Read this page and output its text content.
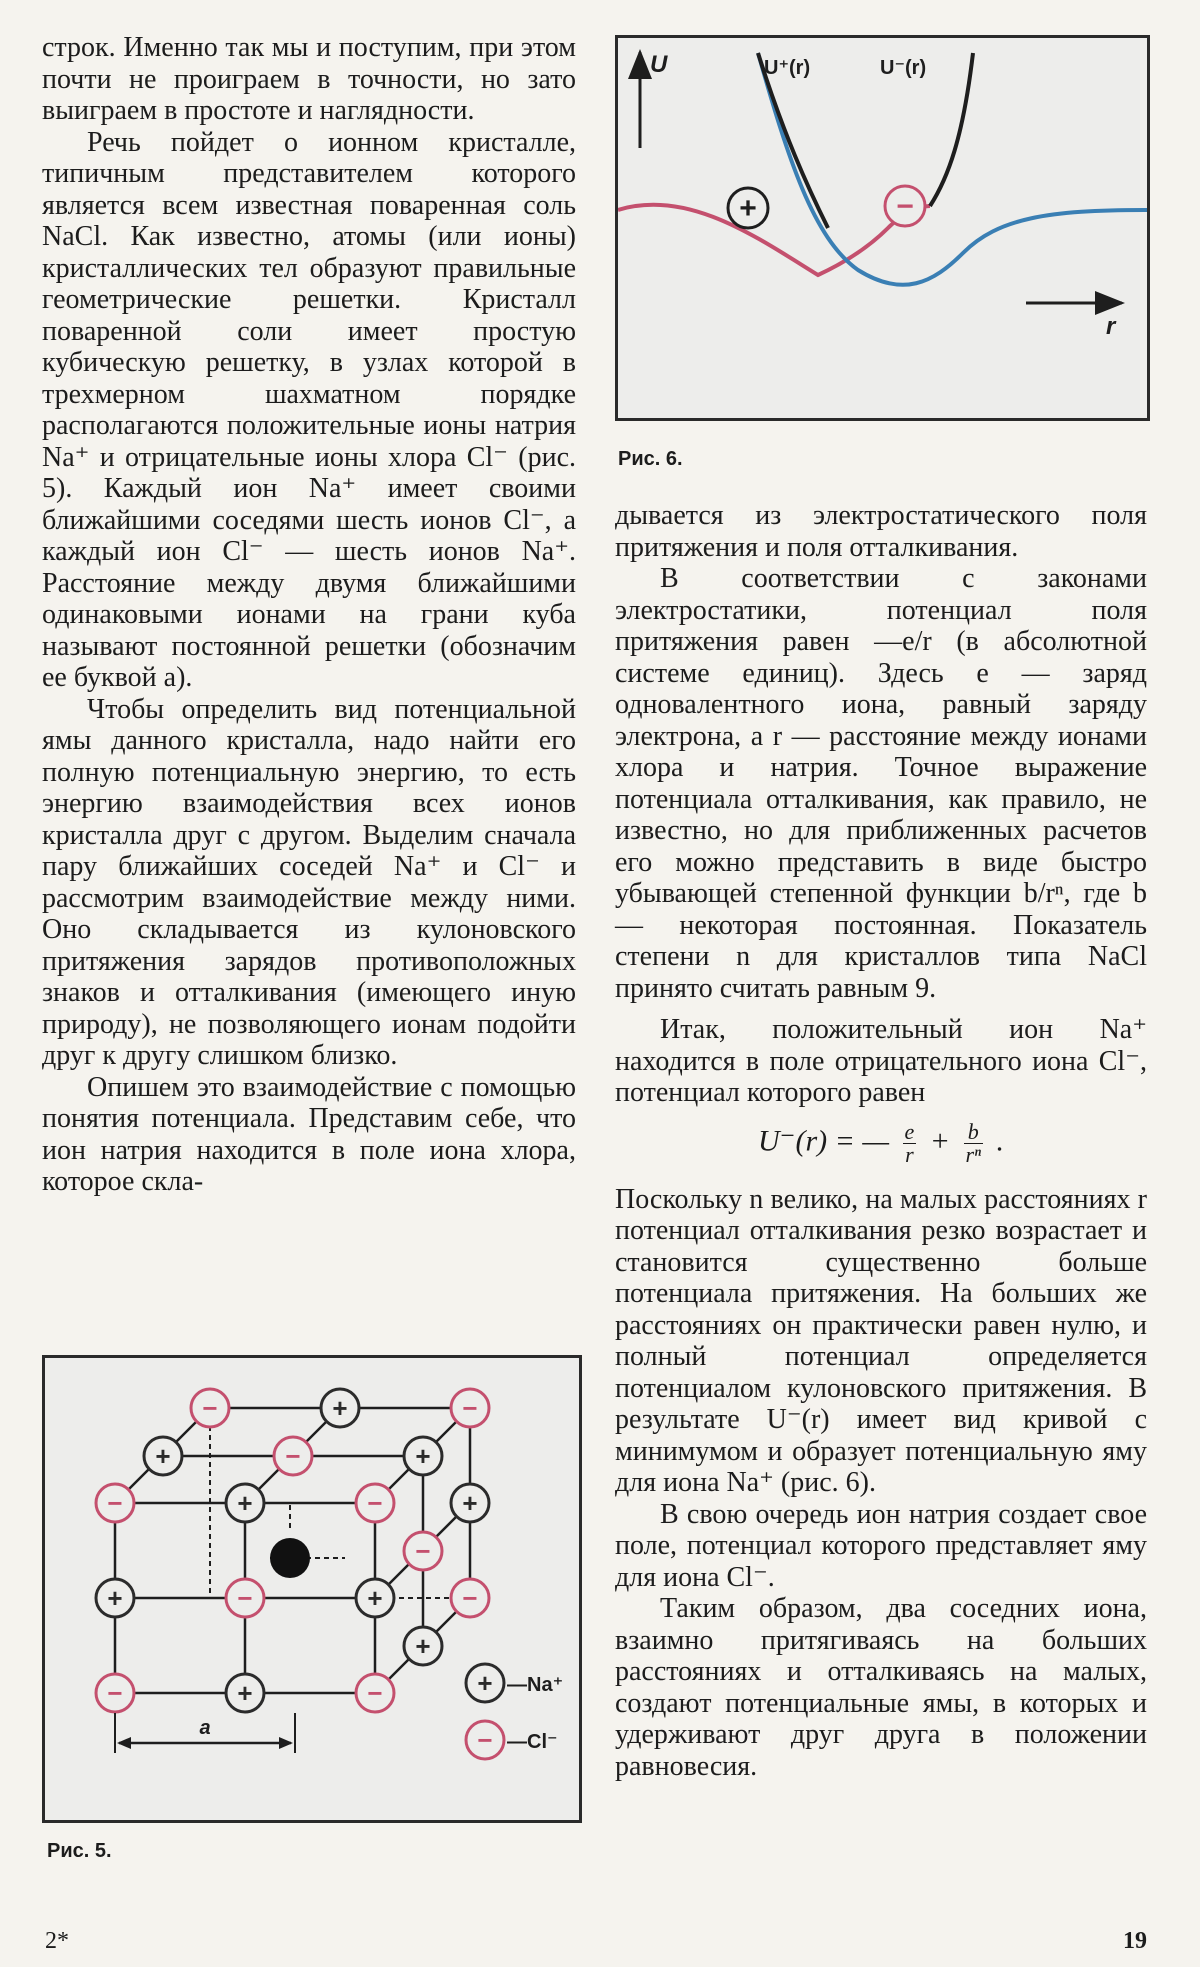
строк. Именно так мы и поступим, при этом почти не проиграем в точности, но зато выиграем в простоте и наглядности.

Речь пойдет о ионном кристалле, типичным представителем которого является всем известная поваренная соль NaCl. Как известно, атомы (или ионы) кристаллических тел образуют правильные геометрические решетки. Кристалл поваренной соли имеет простую кубическую решетку, в узлах которой в трехмерном шахматном порядке располагаются положительные ионы натрия Na⁺ и отрицательные ионы хлора Cl⁻ (рис. 5). Каждый ион Na⁺ имеет своими ближайшими соседями шесть ионов Cl⁻, а каждый ион Cl⁻ — шесть ионов Na⁺. Расстояние между двумя ближайшими одинаковыми ионами на грани куба называют постоянной решетки (обозначим ее буквой a).

Чтобы определить вид потенциальной ямы данного кристалла, надо найти его полную потенциальную энергию, то есть энергию взаимодействия всех ионов кристалла друг с другом. Выделим сначала пару ближайших соседей Na⁺ и Cl⁻ и рассмотрим взаимодействие между ними. Оно складывается из кулоновского притяжения зарядов противоположных знаков и отталкивания (имеющего иную природу), не позволяющего ионам подойти друг к другу слишком близко.

Опишем это взаимодействие с помощью понятия потенциала. Представим себе, что ион натрия находится в поле иона хлора, которое скла-

U
r
U⁺(r)	U⁻(r)
+	−
Рис. 6.

дывается из электростатического поля притяжения и поля отталкивания.

В соответствии с законами электростатики, потенциал поля притяжения равен —e/r (в абсолютной системе единиц). Здесь e — заряд одновалентного иона, равный заряду электрона, а r — расстояние между ионами хлора и натрия. Точное выражение потенциала отталкивания, как правило, не известно, но для приближенных расчетов его можно представить в виде быстро убывающей степенной функции b/rⁿ, где b — некоторая постоянная. Показатель степени n для кристаллов типа NaCl принято считать равным 9.

Итак, положительный ион Na⁺ находится в поле отрицательного иона Cl⁻, потенциал которого равен

U⁻(r) = — $\frac{e}{r} + \frac{b}{\text{rⁿ}}$ .

Поскольку n велико, на малых расстояниях r потенциал отталкивания резко возрастает и становится существенно больше потенциала притяжения. На больших же расстояниях он практически равен нулю, и полный потенциал определяется потенциалом кулоновского притяжения. В результате U⁻(r) имеет вид кривой с минимумом и образует потенциальную яму для иона Na⁺ (рис. 6).

В свою очередь ион натрия создает свое поле, потенциал которого представляет яму для иона Cl⁻.

Таким образом, два соседних иона, взаимно притягиваясь на больших расстояниях и отталкиваясь на малых, создают потенциальные ямы, в которых и удерживают друг друга в положении равновесия.

−	+	−
+	−	+
−	+	−
+	−	+
−	+	−
+
−
−
+
a
+ —Na⁺
− —Cl⁻
Рис. 5.
2*	19
